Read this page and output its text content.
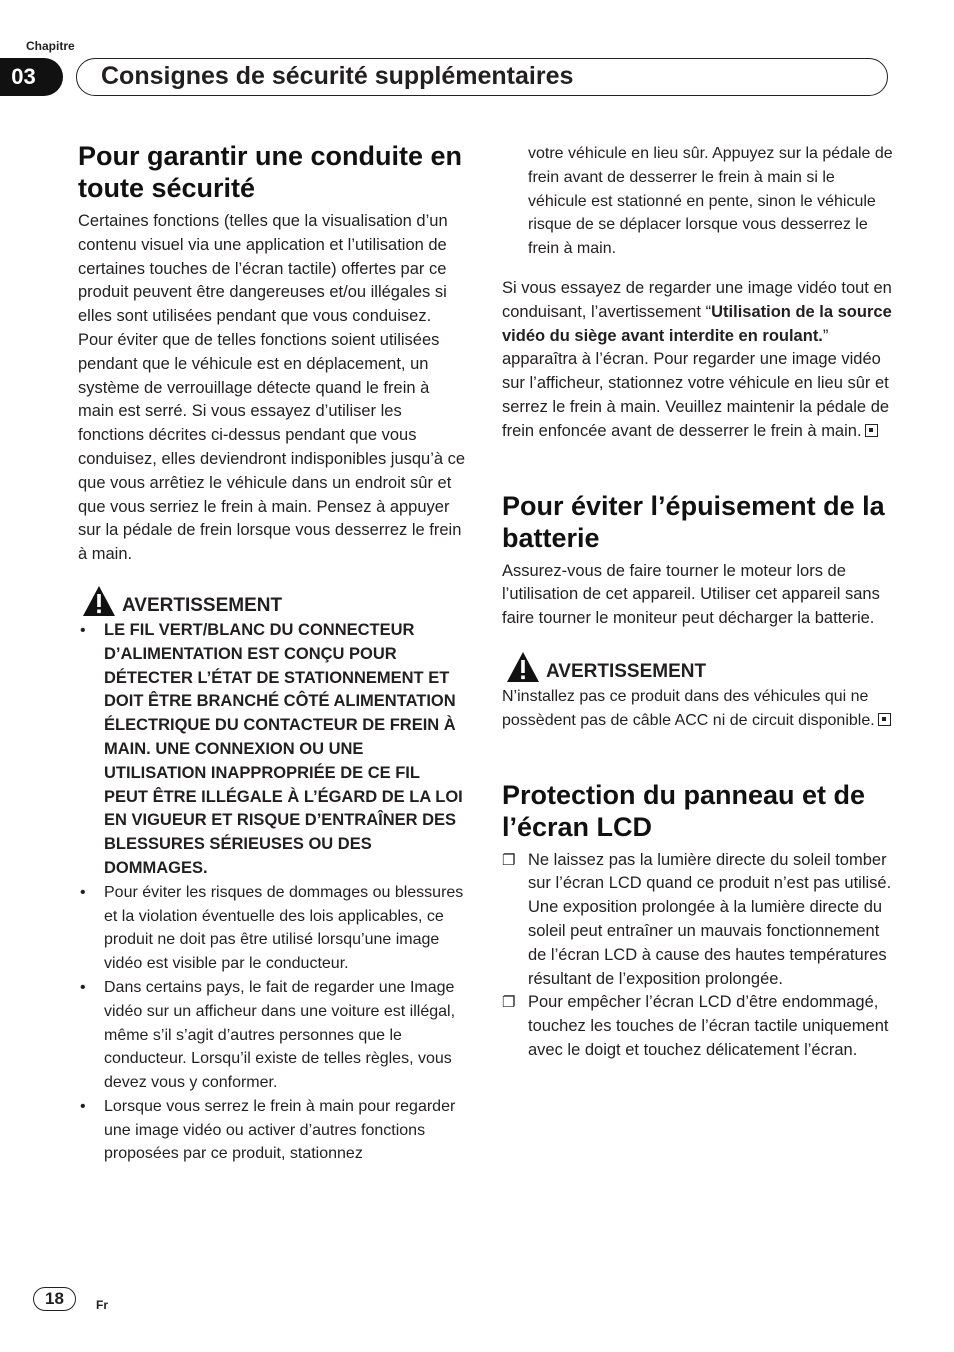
Chapitre
03	Consignes de sécurité supplémentaires
Pour garantir une conduite en toute sécurité

Certaines fonctions (telles que la visualisation d’un contenu visuel via une application et l’utilisation de certaines touches de l’écran tactile) offertes par ce produit peuvent être dangereuses et/ou illégales si elles sont utilisées pendant que vous conduisez. Pour éviter que de telles fonctions soient utilisées pendant que le véhicule est en déplacement, un système de verrouillage détecte quand le frein à main est serré. Si vous essayez d’utiliser les fonctions décrites ci-dessus pendant que vous conduisez, elles deviendront indisponibles jusqu’à ce que vous arrêtiez le véhicule dans un endroit sûr et que vous serriez le frein à main. Pensez à appuyer sur la pédale de frein lorsque vous desserrez le frein à main.

AVERTISSEMENT
• LE FIL VERT/BLANC DU CONNECTEUR D’ALIMENTATION EST CONÇU POUR DÉTECTER L’ÉTAT DE STATIONNEMENT ET DOIT ÊTRE BRANCHÉ CÔTÉ ALIMENTATION ÉLECTRIQUE DU CONTACTEUR DE FREIN À MAIN. UNE CONNEXION OU UNE UTILISATION INAPPROPRIÉE DE CE FIL PEUT ÊTRE ILLÉGALE À L’ÉGARD DE LA LOI EN VIGUEUR ET RISQUE D’ENTRAÎNER DES BLESSURES SÉRIEUSES OU DES DOMMAGES.
• Pour éviter les risques de dommages ou blessures et la violation éventuelle des lois applicables, ce produit ne doit pas être utilisé lorsqu’une image vidéo est visible par le conducteur.
• Dans certains pays, le fait de regarder une Image vidéo sur un afficheur dans une voiture est illégal, même s’il s’agit d’autres personnes que le conducteur. Lorsqu’il existe de telles règles, vous devez vous y conformer.
• Lorsque vous serrez le frein à main pour regarder une image vidéo ou activer d’autres fonctions proposées par ce produit, stationnez

votre véhicule en lieu sûr. Appuyez sur la pédale de frein avant de desserrer le frein à main si le véhicule est stationné en pente, sinon le véhicule risque de se déplacer lorsque vous desserrez le frein à main.

Si vous essayez de regarder une image vidéo tout en conduisant, l’avertissement “Utilisation de la source vidéo du siège avant interdite en roulant.” apparaîtra à l’écran. Pour regarder une image vidéo sur l’afficheur, stationnez votre véhicule en lieu sûr et serrez le frein à main. Veuillez maintenir la pédale de frein enfoncée avant de desserrer le frein à main.

Pour éviter l’épuisement de la batterie

Assurez-vous de faire tourner le moteur lors de l’utilisation de cet appareil. Utiliser cet appareil sans faire tourner le moniteur peut décharger la batterie.

AVERTISSEMENT

N’installez pas ce produit dans des véhicules qui ne possèdent pas de câble ACC ni de circuit disponible.

Protection du panneau et de l’écran LCD
❐ Ne laissez pas la lumière directe du soleil tomber sur l’écran LCD quand ce produit n’est pas utilisé. Une exposition prolongée à la lumière directe du soleil peut entraîner un mauvais fonctionnement de l’écran LCD à cause des hautes températures résultant de l’exposition prolongée.
❐ Pour empêcher l’écran LCD d’être endommagé, touchez les touches de l’écran tactile uniquement avec le doigt et touchez délicatement l’écran.
18	Fr
